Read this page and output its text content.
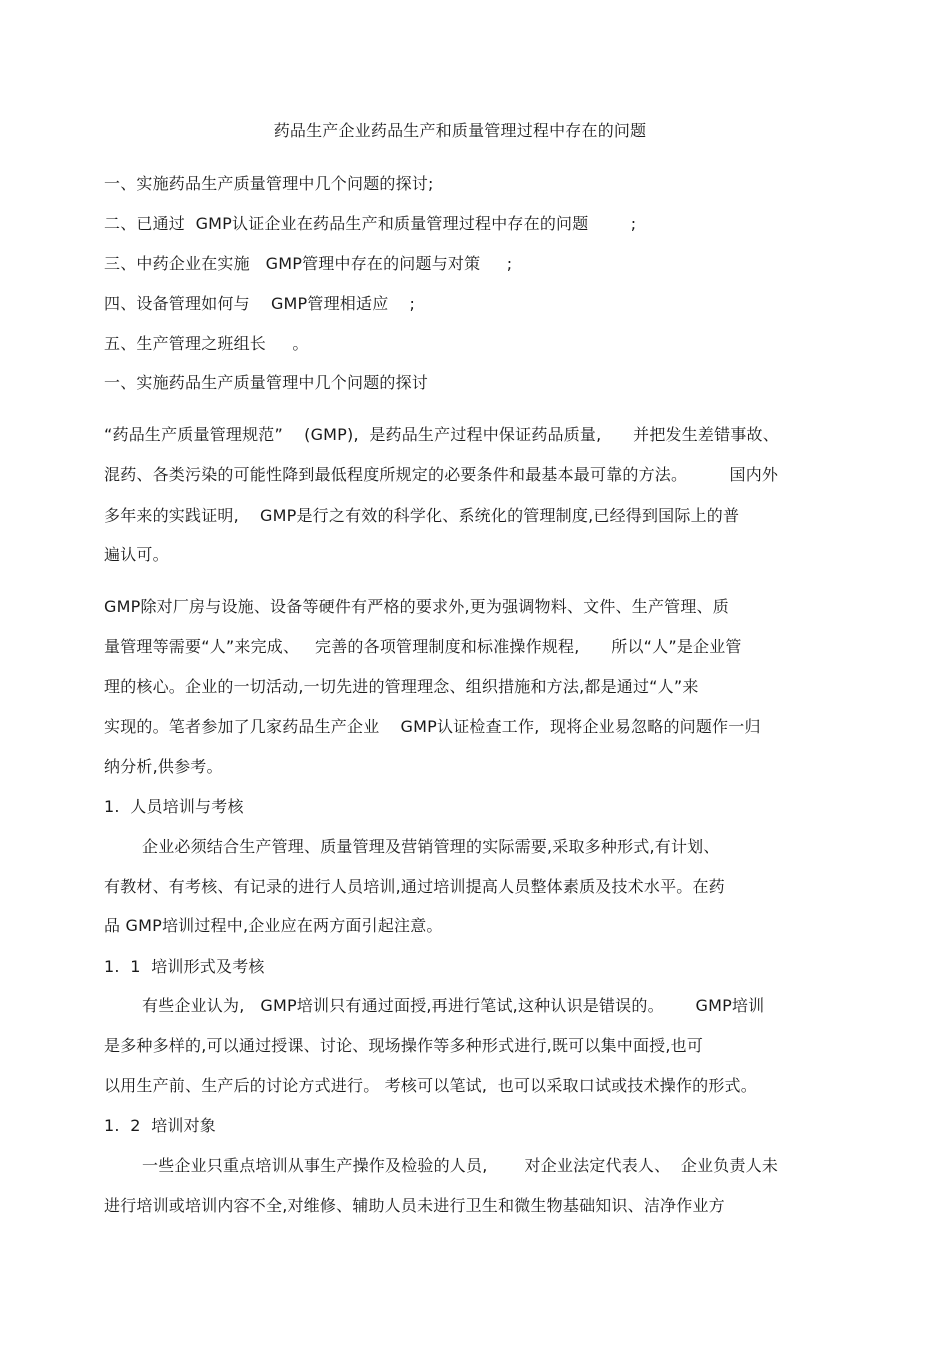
药品生产企业药品生产和质量管理过程中存在的问题
一、实施药品生产质量管理中几个问题的探讨;
二、已通过  GMP认证企业在药品生产和质量管理过程中存在的问题        ;
三、中药企业在实施   GMP管理中存在的问题与对策     ;
四、设备管理如何与    GMP管理相适应    ;
五、生产管理之班组长     。
一、实施药品生产质量管理中几个问题的探讨
“药品生产质量管理规范”    (GMP),  是药品生产过程中保证药品质量,      并把发生差错事故、
混药、各类污染的可能性降到最低程度所规定的必要条件和最基本最可靠的方法。        国内外
多年来的实践证明,    GMP是行之有效的科学化、系统化的管理制度,已经得到国际上的普
遍认可。
GMP除对厂房与设施、设备等硬件有严格的要求外,更为强调物料、文件、生产管理、质
量管理等需要“人”来完成、   完善的各项管理制度和标准操作规程,      所以“人”是企业管
理的核心。企业的一切活动,一切先进的管理理念、组织措施和方法,都是通过“人”来
实现的。笔者参加了几家药品生产企业    GMP认证检查工作,  现将企业易忽略的问题作一归
纳分析,供参考。
1.  人员培训与考核
企业必须结合生产管理、质量管理及营销管理的实际需要,采取多种形式,有计划、
有教材、有考核、有记录的进行人员培训,通过培训提高人员整体素质及技术水平。在药
品 GMP培训过程中,企业应在两方面引起注意。
1.  1  培训形式及考核
有些企业认为,   GMP培训只有通过面授,再进行笔试,这种认识是错误的。      GMP培训
是多种多样的,可以通过授课、讨论、现场操作等多种形式进行,既可以集中面授,也可
以用生产前、生产后的讨论方式进行。 考核可以笔试,  也可以采取口试或技术操作的形式。
1.  2  培训对象
一些企业只重点培训从事生产操作及检验的人员,       对企业法定代表人、  企业负责人未
进行培训或培训内容不全,对维修、辅助人员未进行卫生和微生物基础知识、洁净作业方
